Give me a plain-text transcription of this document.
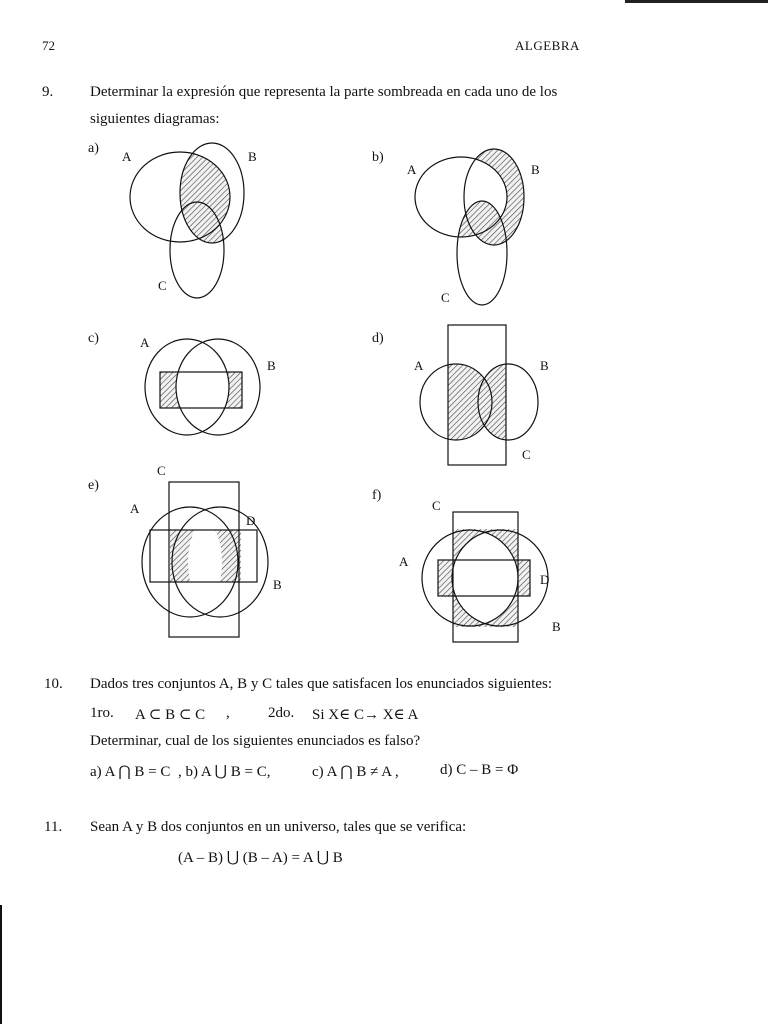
72	ALGEBRA
9. Determinar la expresión que representa la parte sombreada en cada uno de los
siguientes diagramas:
a)
b)
c)	d)
e)
f)
A	B
C
A	B
C
A
B	A	B
C
C
A
D
B
C
A
D
B
10. Dados tres conjuntos A, B y C tales que satisfacen los enunciados siguientes:
1ro. A ⊂ B ⊂ C ,	2do. Si X∈ C→ X∈ A
Determinar, cual de los siguientes enunciados es falso?
a) A ⋂ B = C , b) A ⋃ B = C,	c) A ⋂ B ≠ A ,	d) C – B = Φ
11. Sean A y B dos conjuntos en un universo, tales que se verifica:
(A – B) ⋃ (B – A) = A ⋃ B
